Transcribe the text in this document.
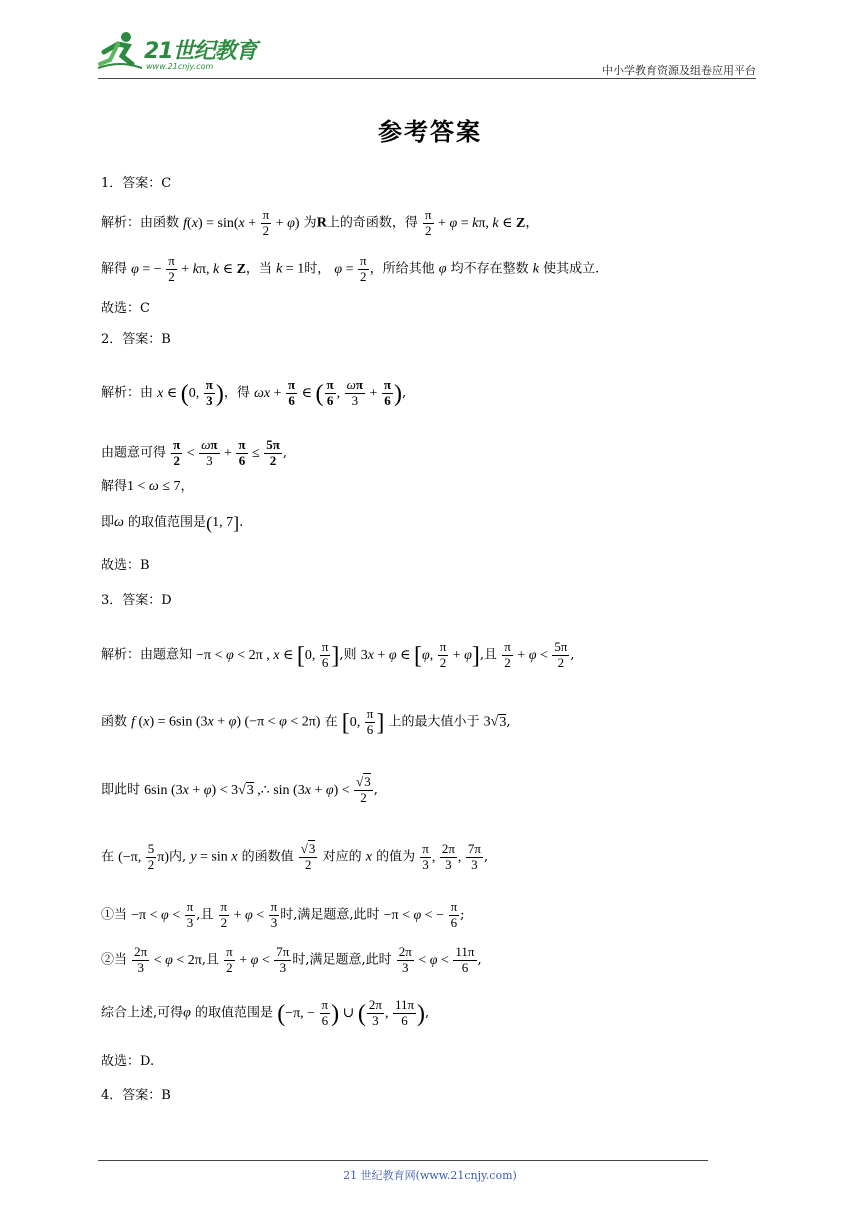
21世纪教育
www.21cnjy.com	中小学教育资源及组卷应用平台
参考答案
1．答案：C
解析：由函数 $f(x) = \sin(x + \frac{\pi}{2} + \varphi)$ 为R上的奇函数，得 $\frac{\pi}{2} + \varphi = k\pi$, k ∈ Z，
解得 φ = − $\frac{\pi}{2} + k\pi$, k ∈ Z，当 k = 1时， $\varphi = \frac{\pi}{2}$ ，所给其他 φ 均不存在整数 k 使其成立.
故选：C
2．答案：B
解析：由 x ∈ (0, $\frac{\pi}{3}$ )，得 $\omega x + \frac{\pi}{6}$ ∈ ( $\frac{\pi}{6}$ , $\frac{\omega\pi}{3} + \frac{\pi}{6}$ ),
由题意可得 $\frac{\pi}{2} < \frac{\omega\pi}{3} + \frac{\pi}{6} \le \frac{5\pi}{2}$ ,
解得1 < ω ≤ 7，
即ω 的取值范围是(1, 7].
故选：B
3．答案：D
解析：由题意知 −π < φ < 2π , x ∈ [0, $\frac{\pi}{6}$ ],则 3x + φ ∈ [φ, $\frac{\pi}{2} + \varphi$],且 $\frac{\pi}{2} + \varphi < \frac{5\pi}{2}$ ,
函数 f (x) = 6sin (3x + φ) (−π < φ < 2π) 在 [0, $\frac{\pi}{6}$ ] 上的最大值小于 3√3,
即此时 6sin (3x + φ) < 3√3 ,∴ $\sin (3x + \varphi) < \frac{√3}{2}$ ,
在 (−π, $\frac{5}{2} \pi$)内, y = sin x 的函数值 $\frac{√3}{2}$ 对应的 x 的值为 $\frac{\pi}{3}$ , $\frac{2\pi}{3}$ , $\frac{7\pi}{3}$ ,
①当 $-\pi < \varphi < \frac{\pi}{3}$ ,且 $\frac{\pi}{2} + \varphi < \frac{\pi}{3}$ 时,满足题意,此时 −π < φ < − $\frac{\pi}{6}$ ;
②当 $\frac{2\pi}{3} < \varphi < 2\pi$,且 $\frac{\pi}{2} + \varphi < \frac{7\pi}{3}$ 时,满足题意,此时 $\frac{2\pi}{3} < \varphi < \frac{11\pi}{6}$ ,
综合上述,可得φ 的取值范围是 (−π, − $\frac{\pi}{6}$ ) ∪ ( $\frac{2\pi}{3}$ , $\frac{11\pi}{6}$ ),
故选：D.
4．答案：B
21 世纪教育网(www.21cnjy.com)
